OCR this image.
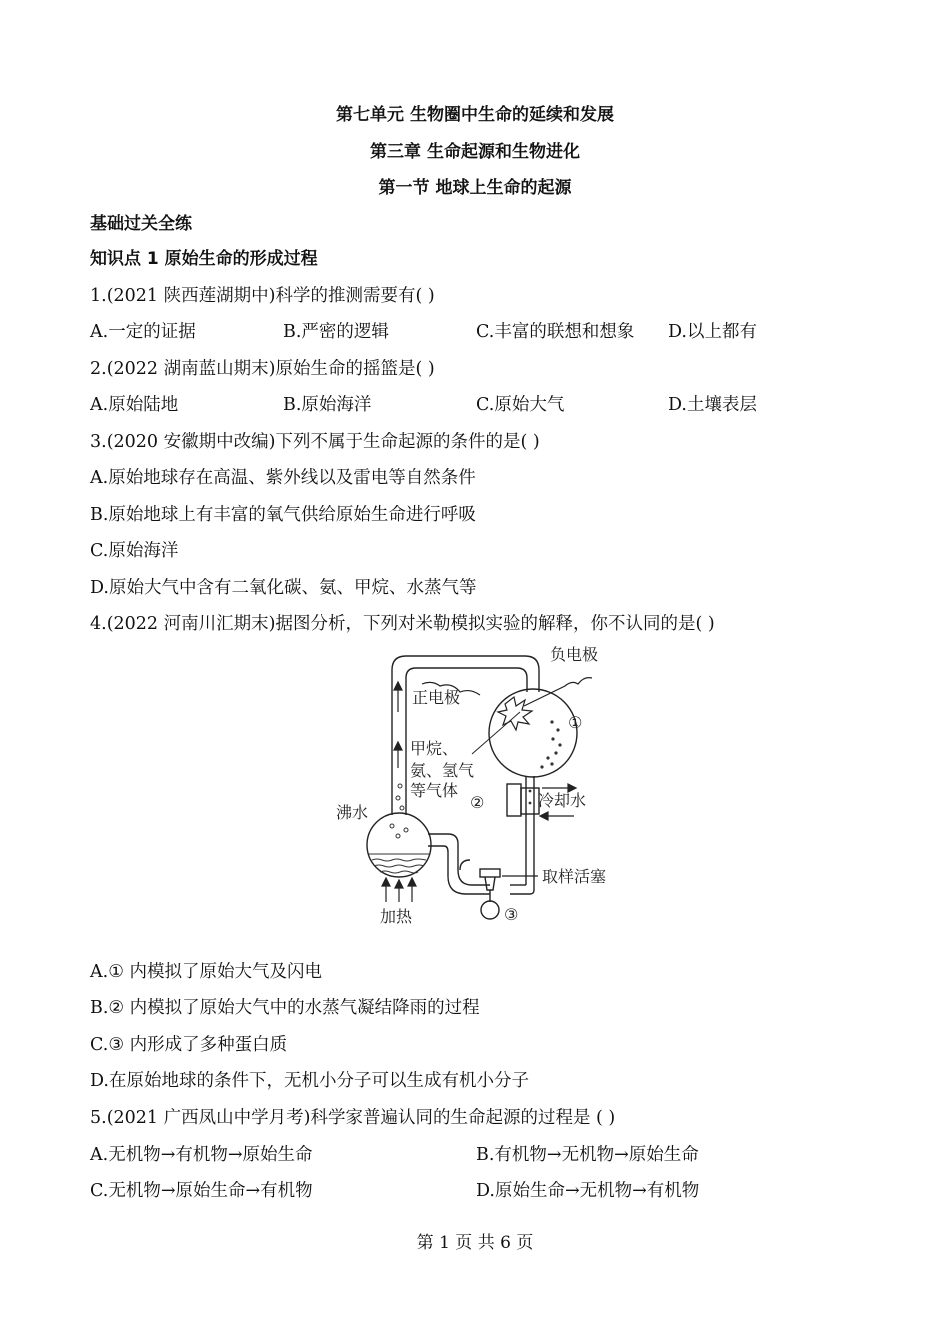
第七单元 生物圈中生命的延续和发展
第三章 生命起源和生物进化
第一节 地球上生命的起源
基础过关全练
知识点 1 原始生命的形成过程
1.(2021 陕西莲湖期中)科学的推测需要有( )
A.一定的证据	B.严密的逻辑	C.丰富的联想和想象 D.以上都有
2.(2022 湖南蓝山期末)原始生命的摇篮是( )
A.原始陆地	B.原始海洋	C.原始大气	D.土壤表层
3.(2020 安徽期中改编)下列不属于生命起源的条件的是( )
A.原始地球存在高温、紫外线以及雷电等自然条件
B.原始地球上有丰富的氧气供给原始生命进行呼吸
C.原始海洋
D.原始大气中含有二氧化碳、氨、甲烷、水蒸气等
4.(2022 河南川汇期末)据图分析，下列对米勒模拟实验的解释，你不认同的是( )
负电极
正电极
①
甲烷、
氨、氢气
等气体
②	冷却水
沸水
取样活塞
加热	③
A.① 内模拟了原始大气及闪电
B.② 内模拟了原始大气中的水蒸气凝结降雨的过程
C.③ 内形成了多种蛋白质
D.在原始地球的条件下，无机小分子可以生成有机小分子
5.(2021 广西凤山中学月考)科学家普遍认同的生命起源的过程是 ( )
A.无机物→有机物→原始生命	B.有机物→无机物→原始生命
C.无机物→原始生命→有机物	D.原始生命→无机物→有机物
第 1 页 共 6 页
